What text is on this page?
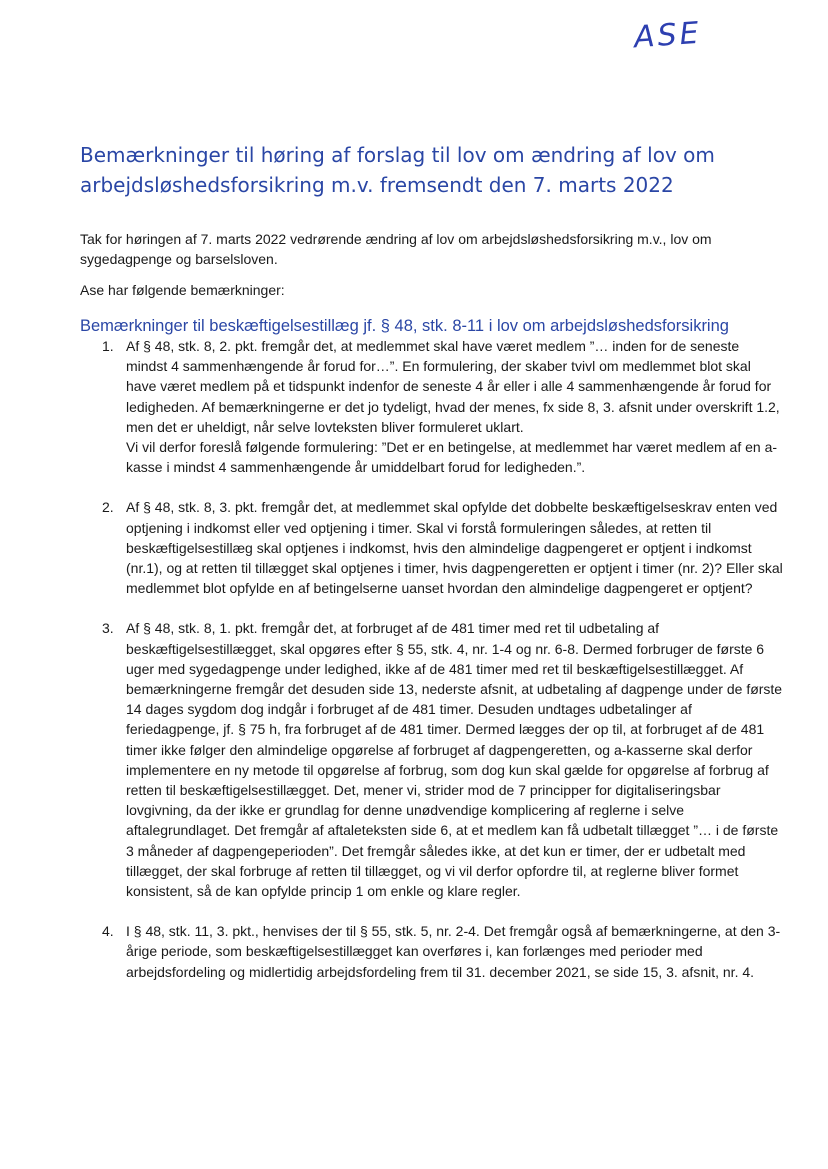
ASE
Bemærkninger til høring af forslag til lov om ændring af lov om arbejdsløshedsforsikring m.v. fremsendt den 7. marts 2022

Tak for høringen af 7. marts 2022 vedrørende ændring af lov om arbejdsløshedsforsikring m.v., lov om sygedagpenge og barselsloven.

Ase har følgende bemærkninger:

Bemærkninger til beskæftigelsestillæg jf. § 48, stk. 8-11 i lov om arbejdsløshedsforsikring
1. Af § 48, stk. 8, 2. pkt. fremgår det, at medlemmet skal have været medlem ”… inden for de seneste mindst 4 sammenhængende år forud for…”. En formulering, der skaber tvivl om medlemmet blot skal have været medlem på et tidspunkt indenfor de seneste 4 år eller i alle 4 sammenhængende år forud for ledigheden. Af bemærkningerne er det jo tydeligt, hvad der menes, fx side 8, 3. afsnit under overskrift 1.2, men det er uheldigt, når selve lovteksten bliver formuleret uklart.

Vi vil derfor foreslå følgende formulering: ”Det er en betingelse, at medlemmet har været medlem af en a-kasse i mindst 4 sammenhængende år umiddelbart forud for ledigheden.”.

2. Af § 48, stk. 8, 3. pkt. fremgår det, at medlemmet skal opfylde det dobbelte beskæftigelseskrav enten ved optjening i indkomst eller ved optjening i timer. Skal vi forstå formuleringen således, at retten til beskæftigelsestillæg skal optjenes i indkomst, hvis den almindelige dagpengeret er optjent i indkomst (nr.1), og at retten til tillægget skal optjenes i timer, hvis dagpengeretten er optjent i timer (nr. 2)? Eller skal medlemmet blot opfylde en af betingelserne uanset hvordan den almindelige dagpengeret er optjent?

3. Af § 48, stk. 8, 1. pkt. fremgår det, at forbruget af de 481 timer med ret til udbetaling af beskæftigelsestillægget, skal opgøres efter § 55, stk. 4, nr. 1-4 og nr. 6-8. Dermed forbruger de første 6 uger med sygedagpenge under ledighed, ikke af de 481 timer med ret til beskæftigelsestillægget. Af bemærkningerne fremgår det desuden side 13, nederste afsnit, at udbetaling af dagpenge under de første 14 dages sygdom dog indgår i forbruget af de 481 timer. Desuden undtages udbetalinger af feriedagpenge, jf. § 75 h, fra forbruget af de 481 timer. Dermed lægges der op til, at forbruget af de 481 timer ikke følger den almindelige opgørelse af forbruget af dagpengeretten, og a-kasserne skal derfor implementere en ny metode til opgørelse af forbrug, som dog kun skal gælde for opgørelse af forbrug af retten til beskæftigelsestillægget. Det, mener vi, strider mod de 7 principper for digitaliseringsbar lovgivning, da der ikke er grundlag for denne unødvendige komplicering af reglerne i selve aftalegrundlaget. Det fremgår af aftaleteksten side 6, at et medlem kan få udbetalt tillægget ”… i de første 3 måneder af dagpengeperioden”. Det fremgår således ikke, at det kun er timer, der er udbetalt med tillægget, der skal forbruge af retten til tillægget, og vi vil derfor opfordre til, at reglerne bliver formet konsistent, så de kan opfylde princip 1 om enkle og klare regler.

4. I § 48, stk. 11, 3. pkt., henvises der til § 55, stk. 5, nr. 2-4. Det fremgår også af bemærkningerne, at den 3-årige periode, som beskæftigelsestillægget kan overføres i, kan forlænges med perioder med arbejdsfordeling og midlertidig arbejdsfordeling frem til 31. december 2021, se side 15, 3. afsnit, nr. 4.
